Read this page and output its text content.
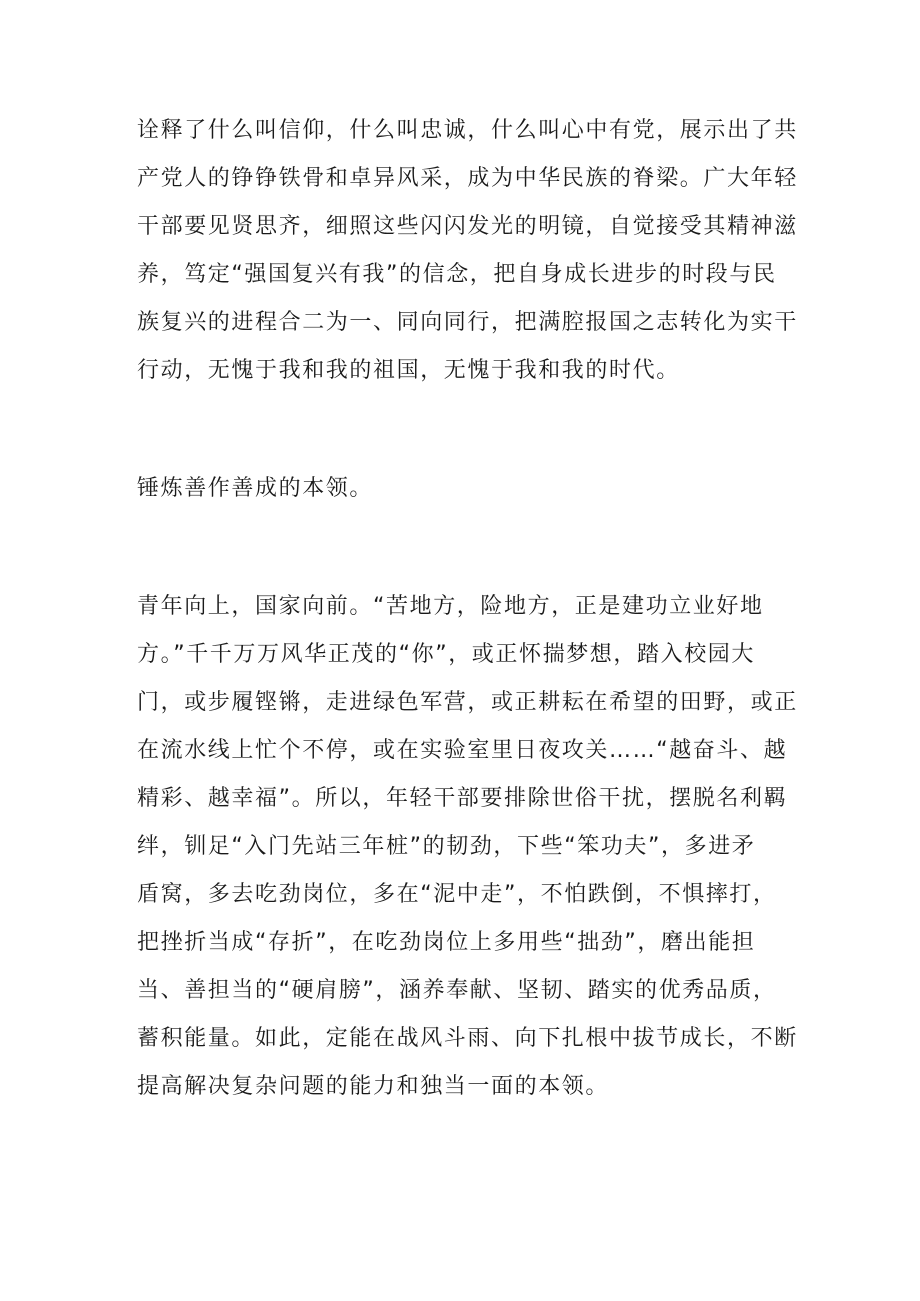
诠释了什么叫信仰，什么叫忠诚，什么叫心中有党，展示出了共
产党人的铮铮铁骨和卓异风采，成为中华民族的脊梁。广大年轻
干部要见贤思齐，细照这些闪闪发光的明镜，自觉接受其精神滋
养，笃定“强国复兴有我”的信念，把自身成长进步的时段与民
族复兴的进程合二为一、同向同行，把满腔报国之志转化为实干
行动，无愧于我和我的祖国，无愧于我和我的时代。
锤炼善作善成的本领。
青年向上，国家向前。“苦地方，险地方，正是建功立业好地
方。”千千万万风华正茂的“你”，或正怀揣梦想，踏入校园大
门，或步履铿锵，走进绿色军营，或正耕耘在希望的田野，或正
在流水线上忙个不停，或在实验室里日夜攻关……“越奋斗、越
精彩、越幸福”。所以，年轻干部要排除世俗干扰，摆脱名利羁
绊，钏足“入门先站三年桩”的韧劲，下些“笨功夫”，多进矛
盾窝，多去吃劲岗位，多在“泥中走”，不怕跌倒，不惧摔打，
把挫折当成“存折”，在吃劲岗位上多用些“拙劲”，磨出能担
当、善担当的“硬肩膀”，涵养奉献、坚韧、踏实的优秀品质，
蓄积能量。如此，定能在战风斗雨、向下扎根中拔节成长，不断
提高解决复杂问题的能力和独当一面的本领。
